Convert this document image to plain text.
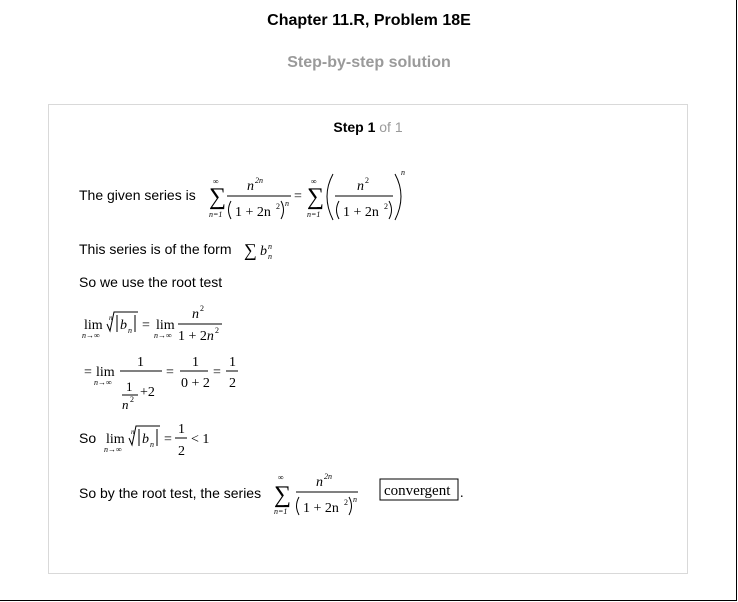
Chapter 11.R, Problem 18E
Step-by-step solution
Step 1 of 1
The given series is ∑
∞
n=1
n 2n
1 + 2n 2 n = ∑
∞
n=1
n 2
1 + 2n 2
n
This series is of the form ∑ b n
n
So we use the root test
lim
n→∞
n b n = lim
n→∞
n 2
1 + 2n 2
= lim
n→∞
1
1
n 2 +2
=
1
0 + 2
=
1
2
So lim
n→∞
n b n =
1
2
< 1
So by the root test, the series ∑
∞
n=1
n 2n
1 + 2n 2 n
convergent .
